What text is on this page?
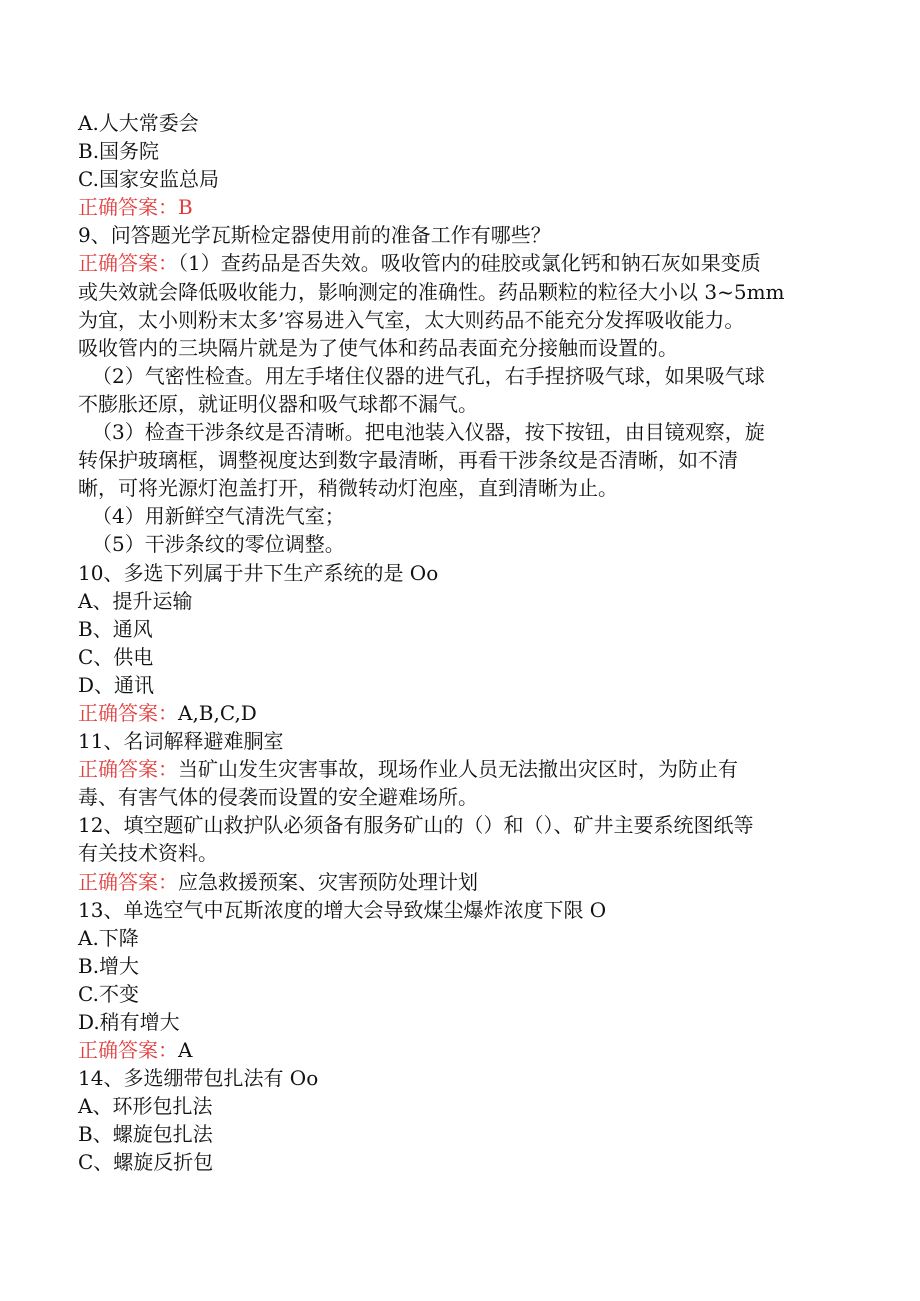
A.人大常委会
B.国务院
C.国家安监总局
正确答案：B
9、问答题光学瓦斯检定器使用前的准备工作有哪些？
正确答案：（1）查药品是否失效。吸收管内的硅胶或氯化钙和钠石灰如果变质
或失效就会降低吸收能力，影响测定的准确性。药品颗粒的粒径大小以 3~5mm
为宜，太小则粉末太多’容易进入气室，太大则药品不能充分发挥吸收能力。
吸收管内的三块隔片就是为了使气体和药品表面充分接触而设置的。
（2）气密性检查。用左手堵住仪器的进气孔，右手捏挤吸气球，如果吸气球
不膨胀还原，就证明仪器和吸气球都不漏气。
（3）检查干涉条纹是否清晰。把电池装入仪器，按下按钮，由目镜观察，旋
转保护玻璃框，调整视度达到数字最清晰，再看干涉条纹是否清晰，如不清
晰，可将光源灯泡盖打开，稍微转动灯泡座，直到清晰为止。
（4）用新鲜空气清洗气室；
（5）干涉条纹的零位调整。
10、多选下列属于井下生产系统的是 Oo
A、提升运输
B、通风
C、供电
D、通讯
正确答案：A,B,C,D
11、名词解释避难胴室
正确答案：当矿山发生灾害事故，现场作业人员无法撤出灾区时，为防止有
毒、有害气体的侵袭而设置的安全避难场所。
12、填空题矿山救护队必须备有服务矿山的（）和（）、矿井主要系统图纸等
有关技术资料。
正确答案：应急救援预案、灾害预防处理计划
13、单选空气中瓦斯浓度的增大会导致煤尘爆炸浓度下限 O
A.下降
B.增大
C.不变
D.稍有增大
正确答案：A
14、多选绷带包扎法有 Oo
A、环形包扎法
B、螺旋包扎法
C、螺旋反折包
